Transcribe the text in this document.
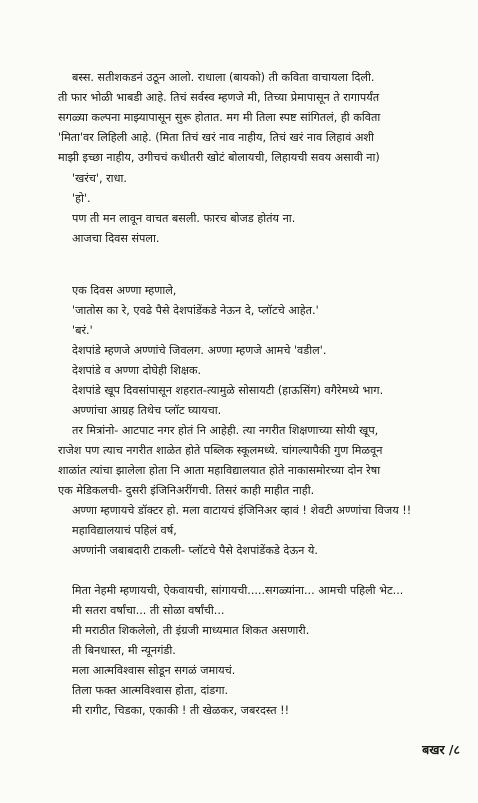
बस्स. सतीशकडनं उठून आलो. राधाला (बायको) ती कविता वाचायला दिली.
ती फार भोळी भाबडी आहे. तिचं सर्वस्व म्हणजे मी, तिच्या प्रेमापासून ते रागापर्यंत
सगळ्या कल्पना माझ्यापासून सुरू होतात. मग मी तिला स्पष्ट सांगितलं, ही कविता
'मिता'वर लिहिली आहे. (मिता तिचं खरं नाव नाहीय, तिचं खरं नाव लिहावं अशी
माझी इच्छा नाहीय, उगीचचं कधीतरी खोटं बोलायची, लिहायची सवय असावी ना)
'खरंच', राधा.
'हो'.
पण ती मन लावून वाचत बसली. फारच बोजड होतंय ना.
आजचा दिवस संपला.
एक दिवस अण्णा म्हणाले,
'जातोस का रे, एवढे पैसे देशपांडेंकडे नेऊन दे, प्लॉटचे आहेत.'
'बरं.'
देशपांडे म्हणजे अण्णांचे जिवलग. अण्णा म्हणजे आमचे 'वडील'.
देशपांडे व अण्णा दोघेही शिक्षक.
देशपांडे खूप दिवसांपासून शहरात-त्यामुळे सोसायटी (हाऊसिंग) वगैरेमध्ये भाग.
अण्णांचा आग्रह तिथेच प्लॉट घ्यायचा.
तर मित्रांनो- आटपाट नगर होतं नि आहेही. त्या नगरीत शिक्षणाच्या सोयी खूप,
राजेश पण त्याच नगरीत शाळेत होते पब्लिक स्कूलमध्ये. चांगल्यापैकी गुण मिळवून
शाळांत त्यांचा झालेला होता नि आता महाविद्यालयात होते नाकासमोरच्या दोन रेषा
एक मेडिकलची- दुसरी इंजिनिअरींगची. तिसरं काही माहीत नाही.
अण्णा म्हणायचे डॉक्टर हो. मला वाटायचं इंजिनिअर व्हावं ! शेवटी अण्णांचा विजय !!
महाविद्यालयाचं पहिलं वर्ष,
अण्णांनी जबाबदारी टाकली- प्लॉटचे पैसे देशपांडेंकडे देऊन ये.
मिता नेहमी म्हणायची, ऐकवायची, सांगायची.....सगळ्यांना... आमची पहिली भेट...
मी सतरा वर्षांचा... ती सोळा वर्षांची...
मी मराठीत शिकलेलो, ती इंग्रजी माध्यमात शिकत असणारी.
ती बिनधास्त, मी न्यूनगंडी.
मला आत्मविश्वास सोडून सगळं जमायचं.
तिला फक्त आत्मविश्वास होता, दांडगा.
मी रागीट, चिडका, एकाकी ! ती खेळकर, जबरदस्त !!
बखर /८
